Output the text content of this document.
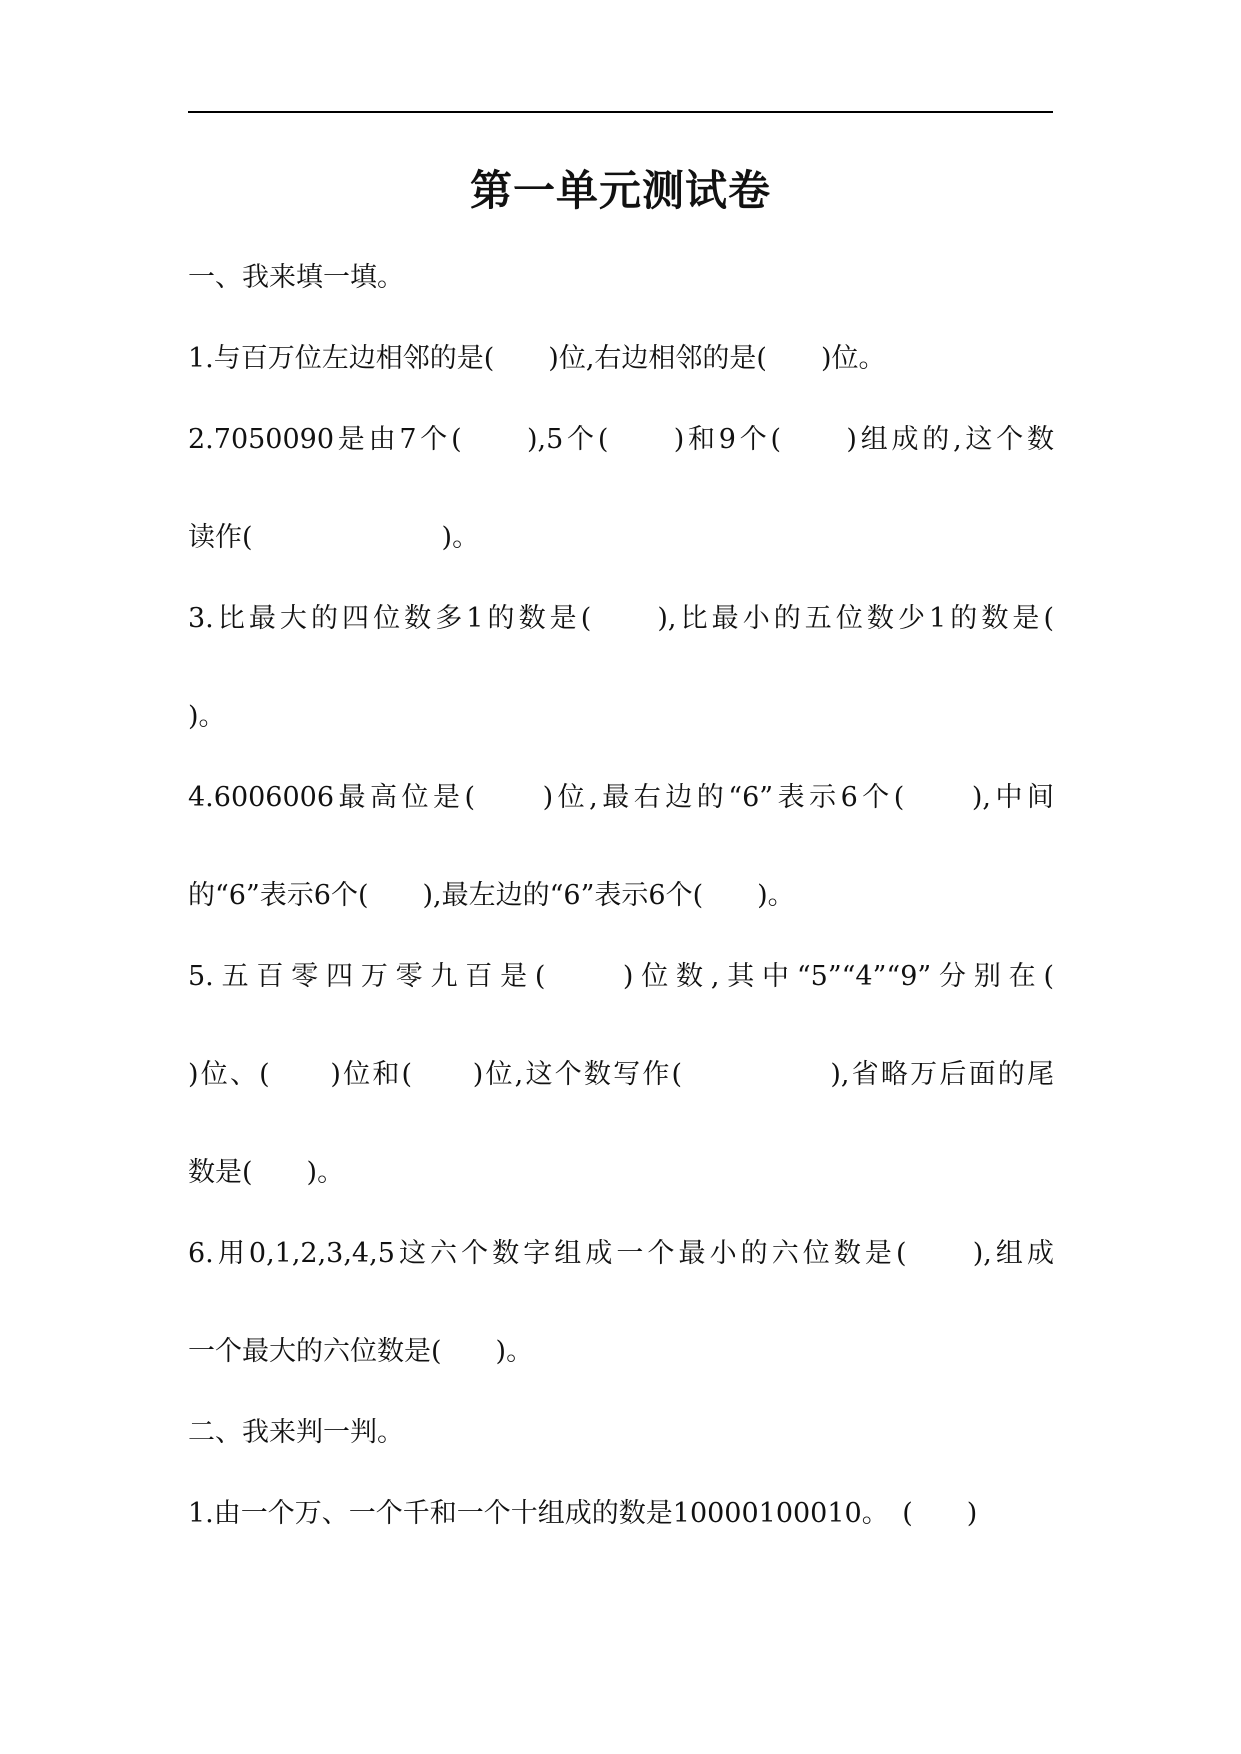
第一单元测试卷
一、我来填一填。
1.与百万位左边相邻的是(　　)位,右边相邻的是(　　)位。
2.7050090是由7个(　　),5个(　　)和9个(　　)组成的,这个数
读作(　　　　　　　)。
3.比最大的四位数多1的数是(　　),比最小的五位数少1的数是(
)。
4.6006006最高位是(　　)位,最右边的“6”表示6个(　　),中间
的“6”表示6个(　　),最左边的“6”表示6个(　　)。
5.五百零四万零九百是(　　)位数,其中“5”“4”“9”分别在(
)位、(　　)位和(　　)位,这个数写作(　　　　　),省略万后面的尾
数是(　　)。
6.用0,1,2,3,4,5这六个数字组成一个最小的六位数是(　　),组成
一个最大的六位数是(　　)。
二、我来判一判。
1.由一个万、一个千和一个十组成的数是10000100010。　(　　)
